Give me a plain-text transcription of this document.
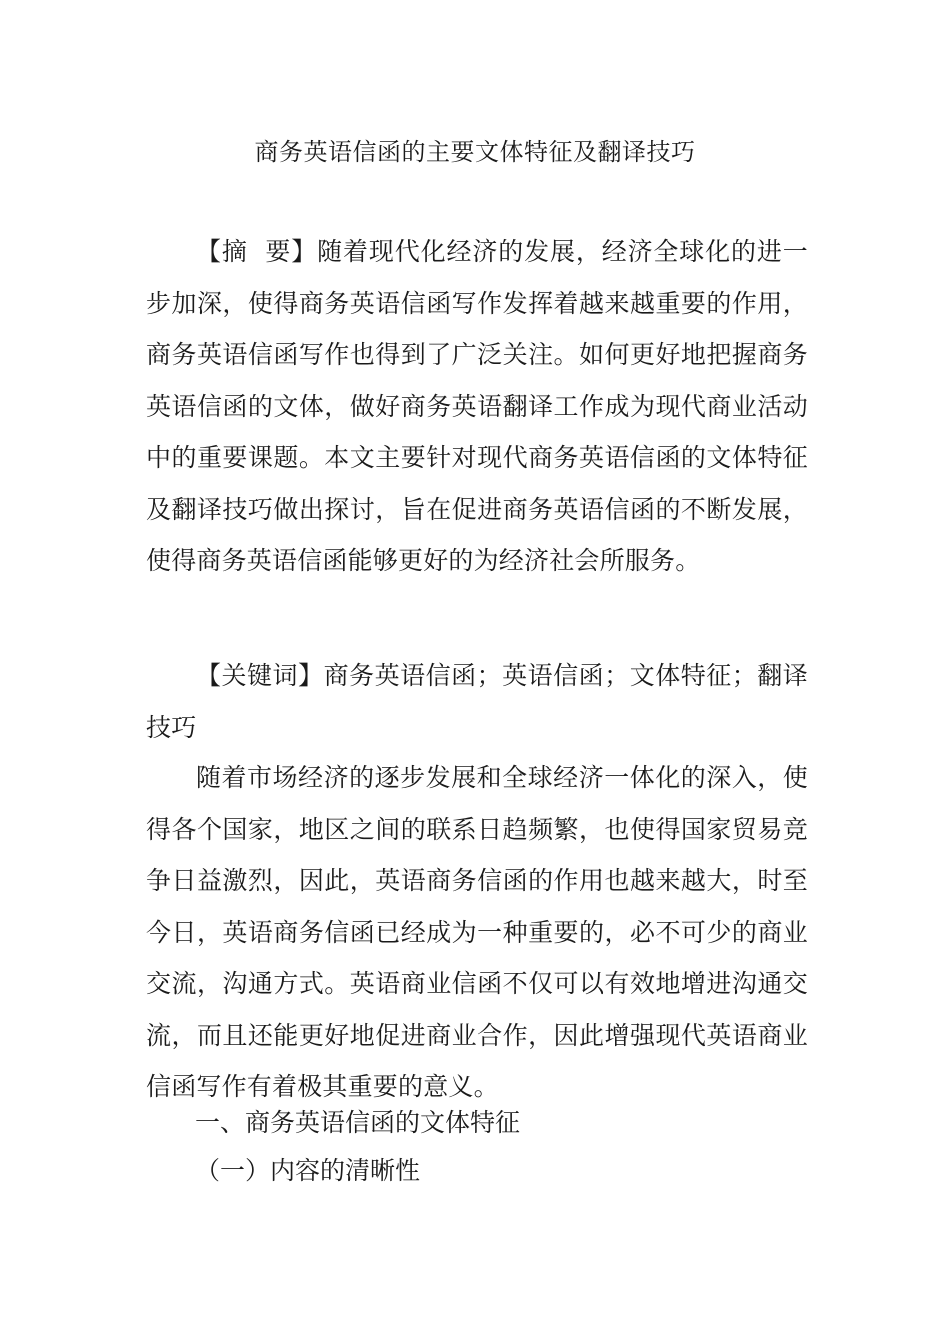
商务英语信函的主要文体特征及翻译技巧
【摘  要】随着现代化经济的发展，经济全球化的进一步加深，使得商务英语信函写作发挥着越来越重要的作用，商务英语信函写作也得到了广泛关注。如何更好地把握商务英语信函的文体，做好商务英语翻译工作成为现代商业活动中的重要课题。本文主要针对现代商务英语信函的文体特征及翻译技巧做出探讨，旨在促进商务英语信函的不断发展，使得商务英语信函能够更好的为经济社会所服务。
【关键词】商务英语信函；英语信函；文体特征；翻译技巧
随着市场经济的逐步发展和全球经济一体化的深入，使得各个国家，地区之间的联系日趋频繁，也使得国家贸易竞争日益激烈，因此，英语商务信函的作用也越来越大，时至今日，英语商务信函已经成为一种重要的，必不可少的商业交流，沟通方式。英语商业信函不仅可以有效地增进沟通交流，而且还能更好地促进商业合作，因此增强现代英语商业信函写作有着极其重要的意义。
一、商务英语信函的文体特征
（一）内容的清晰性
